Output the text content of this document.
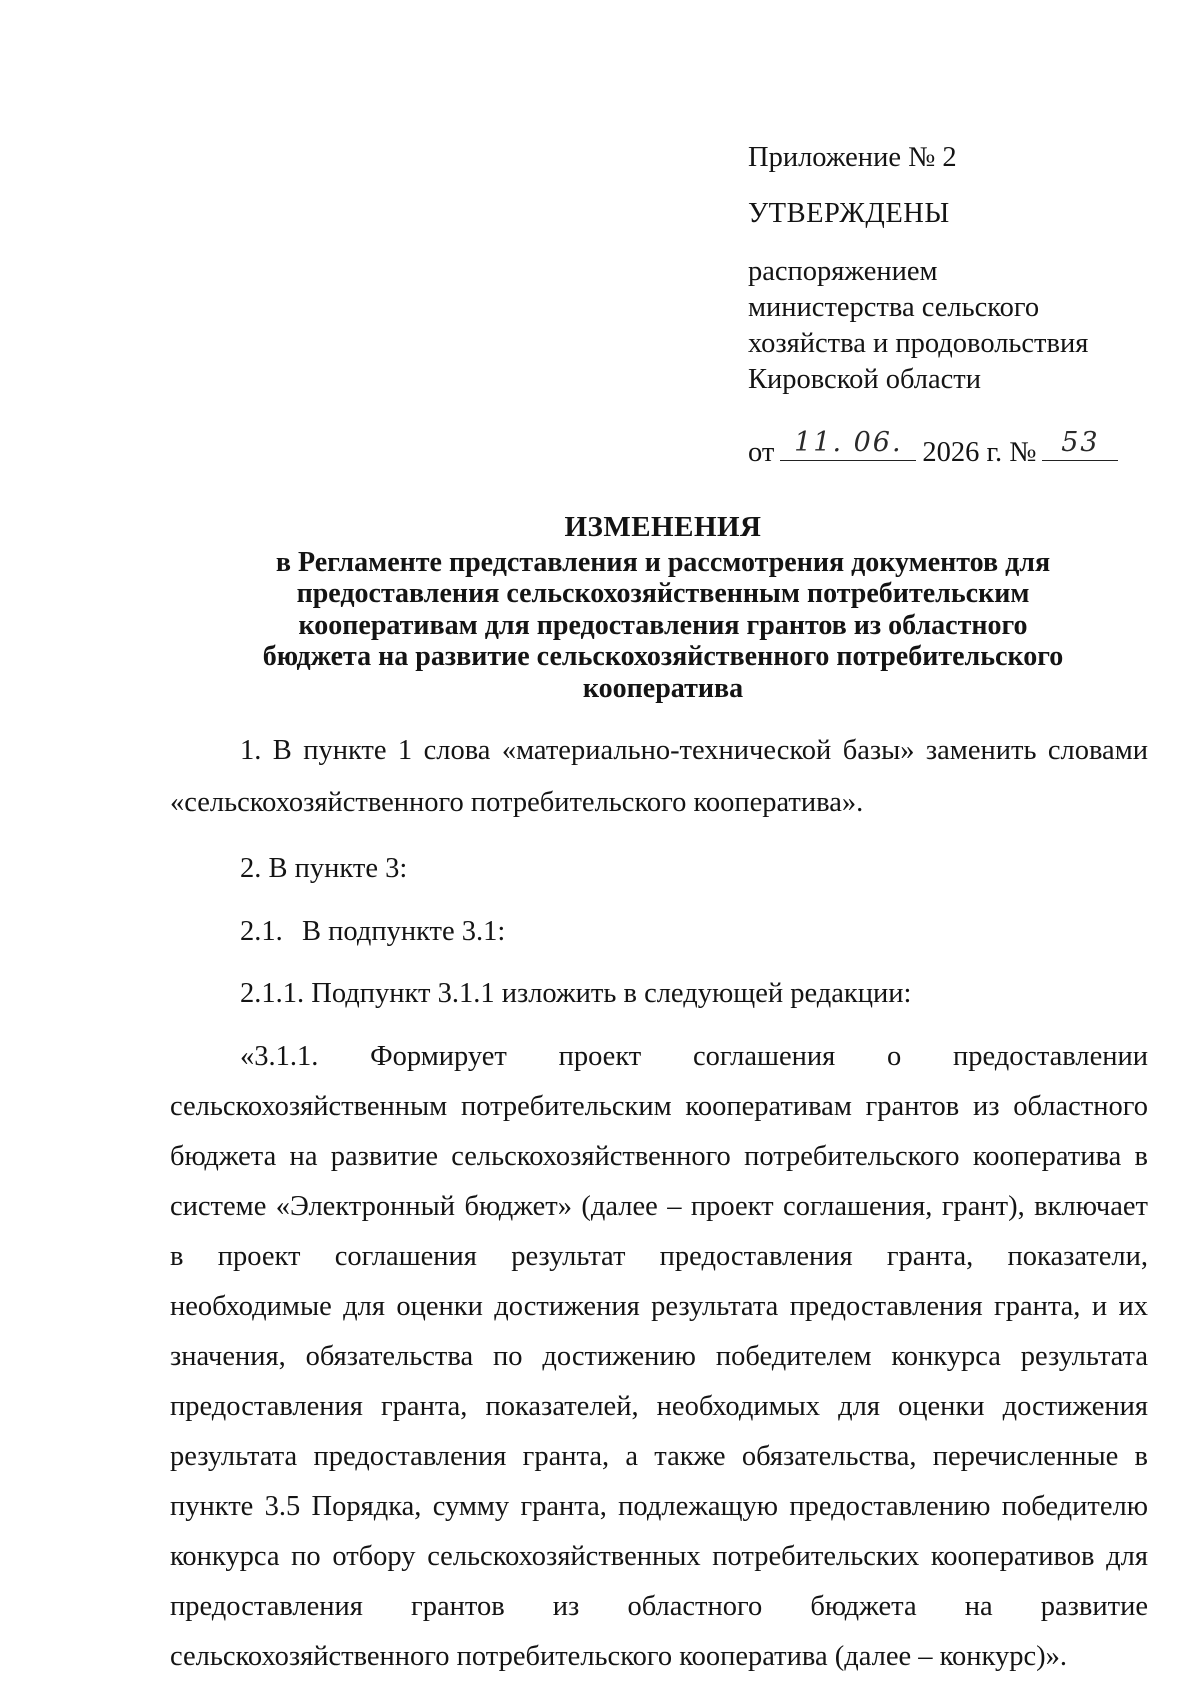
Приложение № 2
УТВЕРЖДЕНЫ
распоряжением
министерства сельского
хозяйства и продовольствия
Кировской области
от 11. 06. 2026 г. № 53
ИЗМЕНЕНИЯ
в Регламенте представления и рассмотрения документов для
предоставления сельскохозяйственным потребительским
кооперативам для предоставления грантов из областного
бюджета на развитие сельскохозяйственного потребительского
кооператива
1. В пункте 1 слова «материально-технической базы» заменить словами
«сельскохозяйственного потребительского кооператива».
2. В пункте 3:
2.1. В подпункте 3.1:
2.1.1. Подпункт 3.1.1 изложить в следующей редакции:
«3.1.1. Формирует проект соглашения о предоставлении
сельскохозяйственным потребительским кооперативам грантов из областного
бюджета на развитие сельскохозяйственного потребительского кооператива в
системе «Электронный бюджет» (далее – проект соглашения, грант), включает
в проект соглашения результат предоставления гранта, показатели,
необходимые для оценки достижения результата предоставления гранта, и их
значения, обязательства по достижению победителем конкурса результата
предоставления гранта, показателей, необходимых для оценки достижения
результата предоставления гранта, а также обязательства, перечисленные в
пункте 3.5 Порядка, сумму гранта, подлежащую предоставлению победителю
конкурса по отбору сельскохозяйственных потребительских кооперативов для
предоставления грантов из областного бюджета на развитие
сельскохозяйственного потребительского кооператива (далее – конкурс)».
